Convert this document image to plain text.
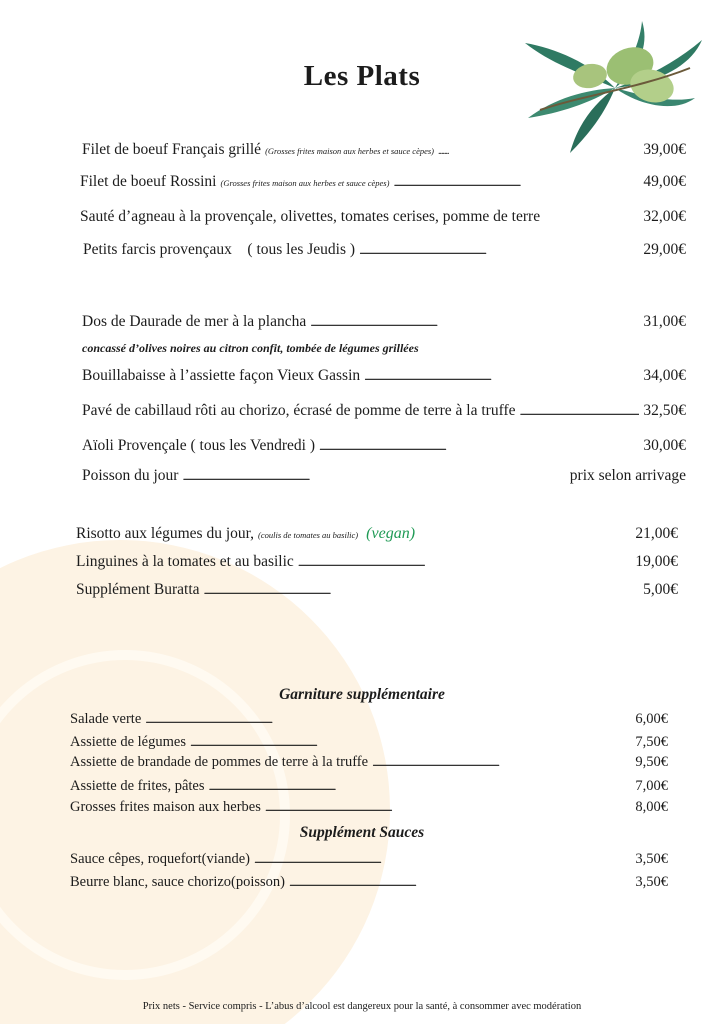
Les Plats
Filet de boeuf Français grillé (Grosses frites maison aux herbes et sauce cèpes) .......	39,00€
Filet de boeuf Rossini (Grosses frites maison aux herbes et sauce cèpes) . . .	49,00€
Sauté d’agneau à la provençale, olivettes, tomates cerises, pomme de terre	32,00€
Petits farcis provençaux    ( tous les Jeudis ) . . .	29,00€
Dos de Daurade de mer à la plancha . . .	31,00€
concassé d’olives noires au citron confit, tombée de légumes grillées
Bouillabaisse à l’assiette façon Vieux Gassin . . .	34,00€
Pavé de cabillaud rôti au chorizo, écrasé de pomme de terre à la truffe . . .	32,50€
Aïoli Provençale ( tous les Vendredi ) . . .	30,00€
Poisson du jour . . .	prix selon arrivage
Risotto aux légumes du jour, (coulis de tomates au basilic) (vegan)	21,00€
Linguines à la tomates et au basilic . . .	19,00€
Supplément Buratta . . .	5,00€
Garniture supplémentaire
Salade verte . . .	6,00€
Assiette de légumes . . .	7,50€
Assiette de brandade de pommes de terre à la truffe . . .	9,50€
Assiette de frites, pâtes . . .	7,00€
Grosses frites maison aux herbes . . .	8,00€
Supplément Sauces
Sauce cêpes, roquefort(viande) . . .	3,50€
Beurre blanc, sauce chorizo(poisson) . . .	3,50€
Prix nets - Service compris - L’abus d’alcool est dangereux pour la santé, à consommer avec modération
